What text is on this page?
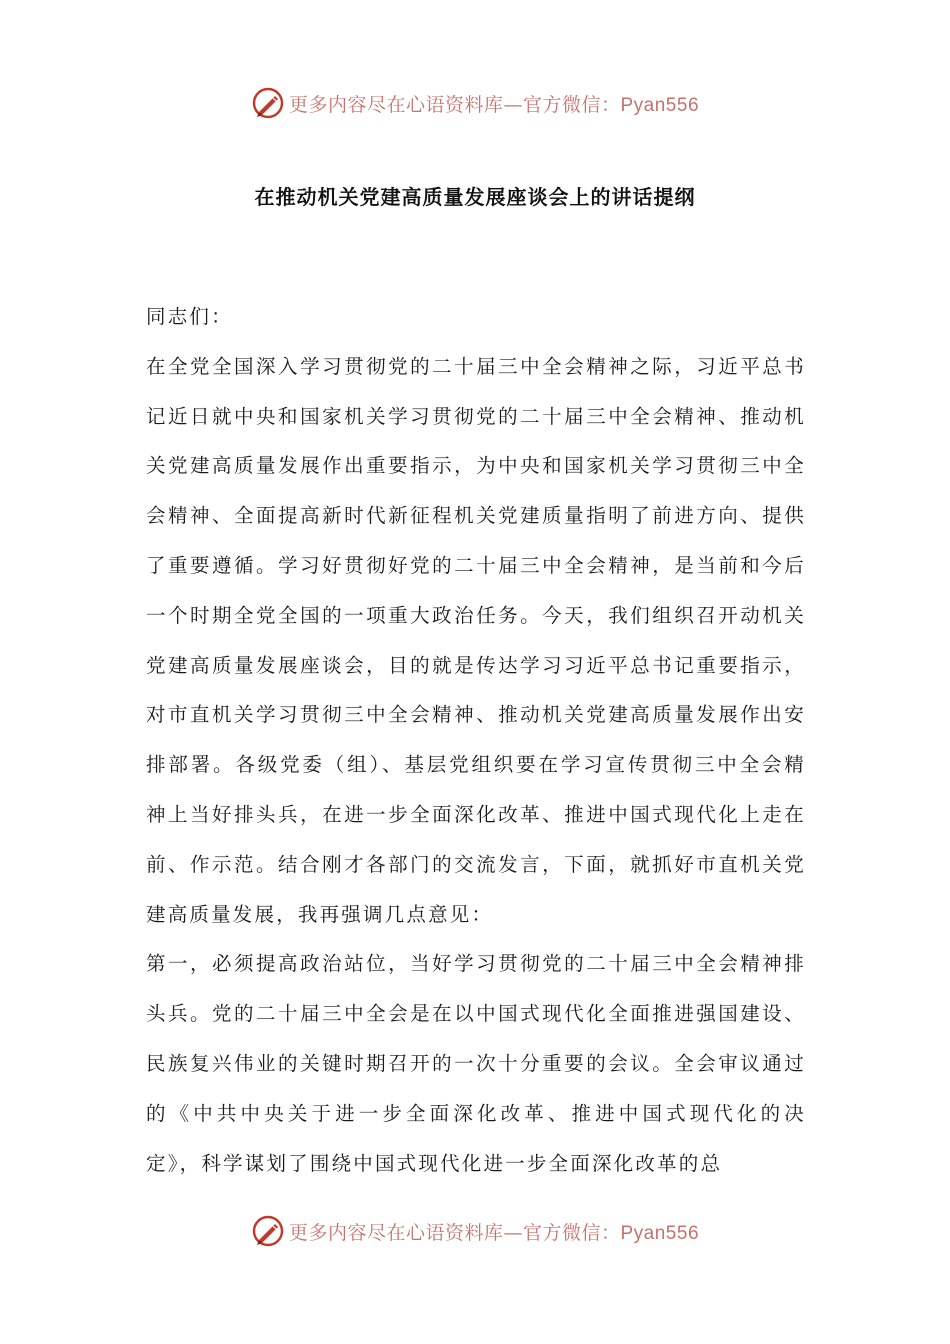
更多内容尽在心语资料库—官方微信：Pyan556
在推动机关党建高质量发展座谈会上的讲话提纲

同志们：

在全党全国深入学习贯彻党的二十届三中全会精神之际，习近平总书记近日就中央和国家机关学习贯彻党的二十届三中全会精神、推动机关党建高质量发展作出重要指示，为中央和国家机关学习贯彻三中全会精神、全面提高新时代新征程机关党建质量指明了前进方向、提供了重要遵循。学习好贯彻好党的二十届三中全会精神，是当前和今后一个时期全党全国的一项重大政治任务。今天，我们组织召开动机关党建高质量发展座谈会，目的就是传达学习习近平总书记重要指示，对市直机关学习贯彻三中全会精神、推动机关党建高质量发展作出安排部署。各级党委（组）、基层党组织要在学习宣传贯彻三中全会精神上当好排头兵，在进一步全面深化改革、推进中国式现代化上走在前、作示范。结合刚才各部门的交流发言，下面，就抓好市直机关党建高质量发展，我再强调几点意见：

第一，必须提高政治站位，当好学习贯彻党的二十届三中全会精神排头兵。党的二十届三中全会是在以中国式现代化全面推进强国建设、民族复兴伟业的关键时期召开的一次十分重要的会议。全会审议通过的《中共中央关于进一步全面深化改革、推进中国式现代化的决定》，科学谋划了围绕中国式现代化进一步全面深化改革的总

更多内容尽在心语资料库—官方微信：Pyan556
